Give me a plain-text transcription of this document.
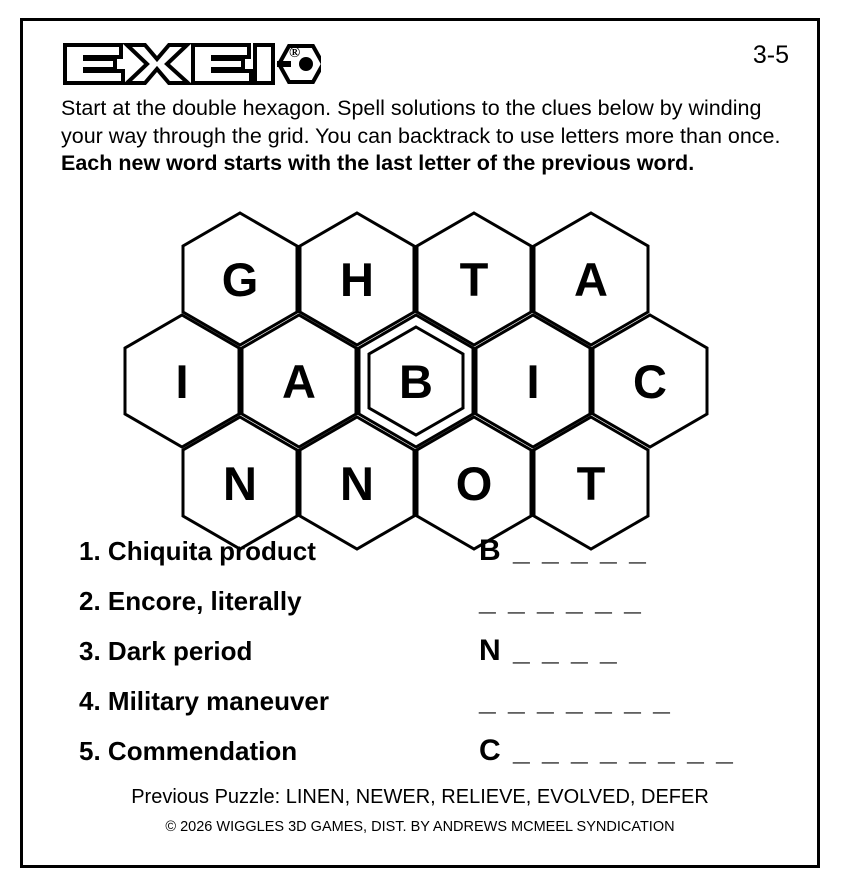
®	3-5
Start at the double hexagon. Spell solutions to the clues below by winding your way through the grid. You can backtrack to use letters more than once. Each new word starts with the last letter of the previous word.
G	H	T	A
I	A	B	I	C
N	N	O	T
1. Chiquita product	B _ _ _ _ _
2. Encore, literally	_ _ _ _ _ _
3. Dark period	N _ _ _ _
4. Military maneuver	_ _ _ _ _ _ _
5. Commendation	C _ _ _ _ _ _ _ _
Previous Puzzle: LINEN, NEWER, RELIEVE, EVOLVED, DEFER
© 2026 WIGGLES 3D GAMES, DIST. BY ANDREWS MCMEEL SYNDICATION
